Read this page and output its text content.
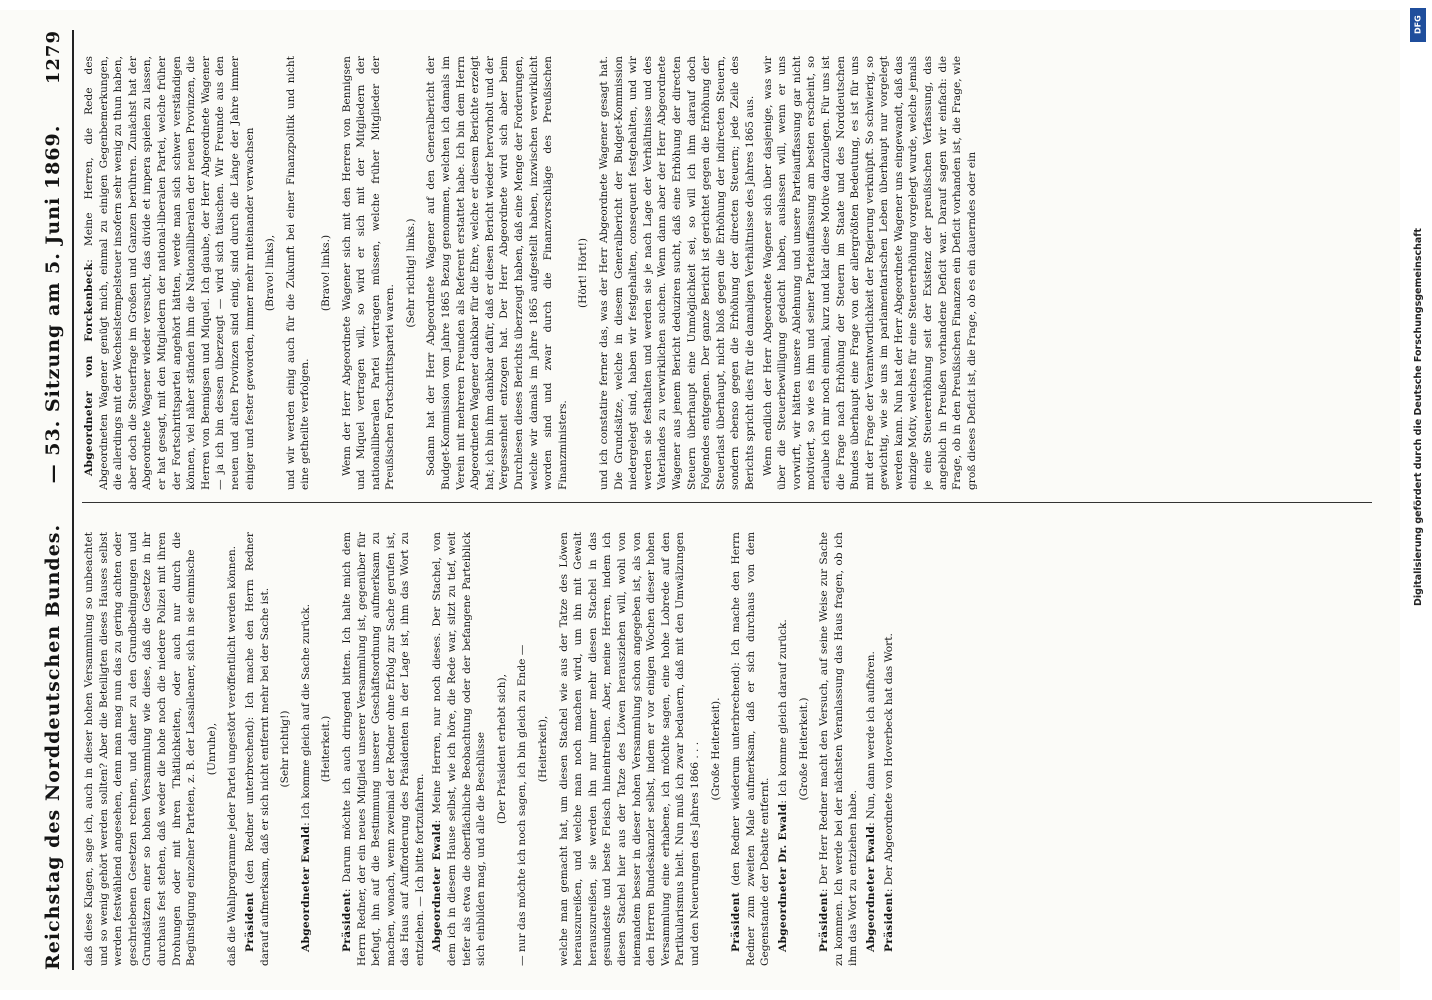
Reichstag des Norddeutschen Bundes.
— 53. Sitzung am 5. Juni 1869.
1279

daß diese Klagen, sage ich, auch in dieser hohen Versammlung so unbeachtet und so wenig gehört werden sollten? Aber die Beteiligten dieses Hauses selbst werden festwählend angesehen, denn man mag nun das zu gering achten oder geschriebenen Gesetzen rechnen, und daher zu den Grundbedingungen und Grundsätzen einer so hohen Versammlung wie diese, daß die Gesetze in ihr durchaus fest stehen, daß weder die hohe noch die niedere Polizei mit ihren Drohungen oder mit ihren Thätlichkeiten, oder auch nur durch die Begünstigung einzelner Parteien, z. B. der Lassalleaner, sich in sie einmische (Unruhe), daß die Wahlprogramme jeder Partei ungestört veröffentlicht werden können. Präsident (den Redner unterbrechend): Ich mache den Herrn Redner darauf aufmerksam, daß er sich nicht entfernt mehr bei der Sache ist. (Sehr richtig!)

Abgeordneter Ewald: Ich komme gleich auf die Sache zurück. (Heiterkeit.)

Präsident: Darum möchte ich auch dringend bitten. Ich halte mich dem Herrn Redner, der ein neues Mitglied unserer Versammlung ist, gegenüber für befugt, ihn auf die Bestimmung unserer Geschäftsordnung aufmerksam zu machen, wonach, wenn zweimal der Redner ohne Erfolg zur Sache gerufen ist, das Haus auf Aufforderung des Präsidenten in der Lage ist, ihm das Wort zu entziehen. — Ich bitte fortzufahren. Abgeordneter Ewald: Meine Herren, nur noch dieses. Der Stachel, von dem ich in diesem Hause selbst, wie ich höre, die Rede war, sitzt zu tief, weit tiefer als etwa die oberflächliche Beobachtung oder der befangene Parteiblick sich einbilden mag, und alle die Beschlüsse (Der Präsident erhebt sich), — nur das möchte ich noch sagen, ich bin gleich zu Ende — (Heiterkeit), welche man gemacht hat, um diesen Stachel wie aus der Tatze des Löwen herauszureißen, und welche man noch machen wird, um ihn mit Gewalt herauszureißen, sie werden ihn nur immer mehr diesen Stachel in das gesundeste und beste Fleisch hineintreiben. Aber, meine Herren, indem ich diesen Stachel hier aus der Tatze des Löwen herausziehen will, wohl von niemandem besser in dieser hohen Versammlung schon angegeben ist, als von den Herren Bundeskanzler selbst, indem er vor einigen Wochen dieser hohen Versammlung eine erhabene, ich möchte sagen, eine hohe Lobrede auf den Partikularismus hielt. Nun muß ich zwar bedauern, daß mit den Umwälzungen und den Neuerungen des Jahres 1866 . . . (Große Heiterkeit).

Präsident (den Redner wiederum unterbrechend): Ich mache den Herrn Redner zum zweiten Male aufmerksam, daß er sich durchaus von dem Gegenstande der Debatte entfernt. Abgeordneter Dr. Ewald: Ich komme gleich darauf zurück. (Große Heiterkeit.)

Präsident: Der Herr Redner macht den Versuch, auf seine Weise zur Sache zu kommen. Ich werde bei der nächsten Veranlassung das Haus fragen, ob ich ihm das Wort zu entziehen habe. Abgeordneter Ewald: Nun, dann werde ich aufhören.

Präsident: Der Abgeordnete von Hoverbeck hat das Wort.

Abgeordneter von Forckenbeck: Meine Herren, die Rede des Abgeordneten Wagener genügt mich, einmal zu einigen Gegenbemerkungen, die allerdings mit der Wechselstempelsteuer insofern sehr wenig zu thun haben, aber doch die Steuerfrage im Großen und Ganzen berühren. Zunächst hat der Abgeordnete Wagener wieder versucht, das divide et impera spielen zu lassen, er hat gesagt, mit den Mitgliedern der national-liberalen Partei, welche früher der Fortschrittspartei angehört hätten, werde man sich schwer verständigen können, viel näher ständen ihm die Nationalliberalen der neuen Provinzen, die Herren von Bennigsen und Miquel. Ich glaube, der Herr Abgeordnete Wagener — ja ich bin dessen überzeugt — wird sich täuschen. Wir Freunde aus den neuen und alten Provinzen sind einig, sind durch die Länge der Jahre immer einiger und fester geworden, immer mehr miteinander verwachsen (Bravo! links), und wir werden einig auch für die Zukunft bei einer Finanzpolitik und nicht eine getheilte verfolgen.

(Bravo! links.) Wenn der Herr Abgeordnete Wagener sich mit den Herren von Bennigsen und Miquel vertragen will, so wird er sich mit der Mitgliedern der nationalliberalen Partei vertragen müssen, welche früher Mitglieder der Preußischen Fortschrittspartei waren.

(Sehr richtig! links.) Sodann hat der Herr Abgeordnete Wagener auf den Generalbericht der Budget-Kommission vom Jahre 1865 Bezug genommen, welchen ich damals im Verein mit mehreren Freunden als Referent erstattet habe. Ich bin dem Herrn Abgeordneten Wagener dankbar für die Ehre, welche er diesem Berichte erzeigt hat; ich bin ihm dankbar dafür, daß er diesen Bericht wieder hervorholt und der Vergessenheit entzogen hat. Der Herr Abgeordnete wird sich aber beim Durchlesen dieses Berichts überzeugt haben, daß eine Menge der Forderungen, welche wir damals im Jahre 1865 aufgestellt haben, inzwischen verwirklicht worden sind und zwar durch die Finanzvorschläge des Preußischen Finanzministers.

(Hört! Hört!) und ich constatire ferner das, was der Herr Abgeordnete Wagener gesagt hat. Die Grundsätze, welche in diesem Generalbericht der Budget-Kommission niedergelegt sind, haben wir festgehalten, consequent festgehalten, und wir werden sie festhalten und werden sie je nach Lage der Verhältnisse und des Vaterlandes zu verwirklichen suchen. Wenn dann aber der Herr Abgeordnete Wagener aus jenem Bericht deduziren sucht, daß eine Erhöhung der directen Steuern überhaupt eine Unmöglichkeit sei, so will ich ihm darauf doch Folgendes entgegnen. Der ganze Bericht ist gerichtet gegen die Erhöhung der Steuerlast überhaupt, nicht bloß gegen die Erhöhung der indirecten Steuern, sondern ebenso gegen die Erhöhung der directen Steuern; jede Zeile des Berichts spricht dies für die damaligen Verhältnisse des Jahres 1865 aus. Wenn endlich der Herr Abgeordnete Wagener sich über dasjenige, was wir über die Steuerbewilligung gedacht haben, auslassen will, wenn er uns vorwirft, wir hätten unsere Ablehnung und unsere Parteiauffassung gar nicht motiviert, so wie es ihm und seiner Parteiauffassung am besten erscheint, so erlaube ich mir noch einmal, kurz und klar diese Motive darzulegen. Für uns ist die Frage nach Erhöhung der Steuern im Staate und des Norddeutschen Bundes überhaupt eine Frage von der allergrößten Bedeutung, es ist für uns mit der Frage der Verantwortlichkeit der Regierung verknüpft. So schwierig, so gewichtig, wie sie uns im parlamentarischen Leben überhaupt nur vorgelegt werden kann. Nun hat der Herr Abgeordnete Wagener uns eingewandt, daß das einzige Motiv, welches für eine Steuererhöhung vorgelegt wurde, welche jemals je eine Steuererhöhung seit der Existenz der preußischen Verfassung, das angeblich in Preußen vorhandene Deficit war. Darauf sagen wir einfach: die Frage, ob in den Preußischen Finanzen ein Deficit vorhanden ist, die Frage, wie groß dieses Deficit ist, die Frage, ob es ein dauerndes oder ein

DFG
Digitalisierung gefördert durch die Deutsche Forschungsgemeinschaft
